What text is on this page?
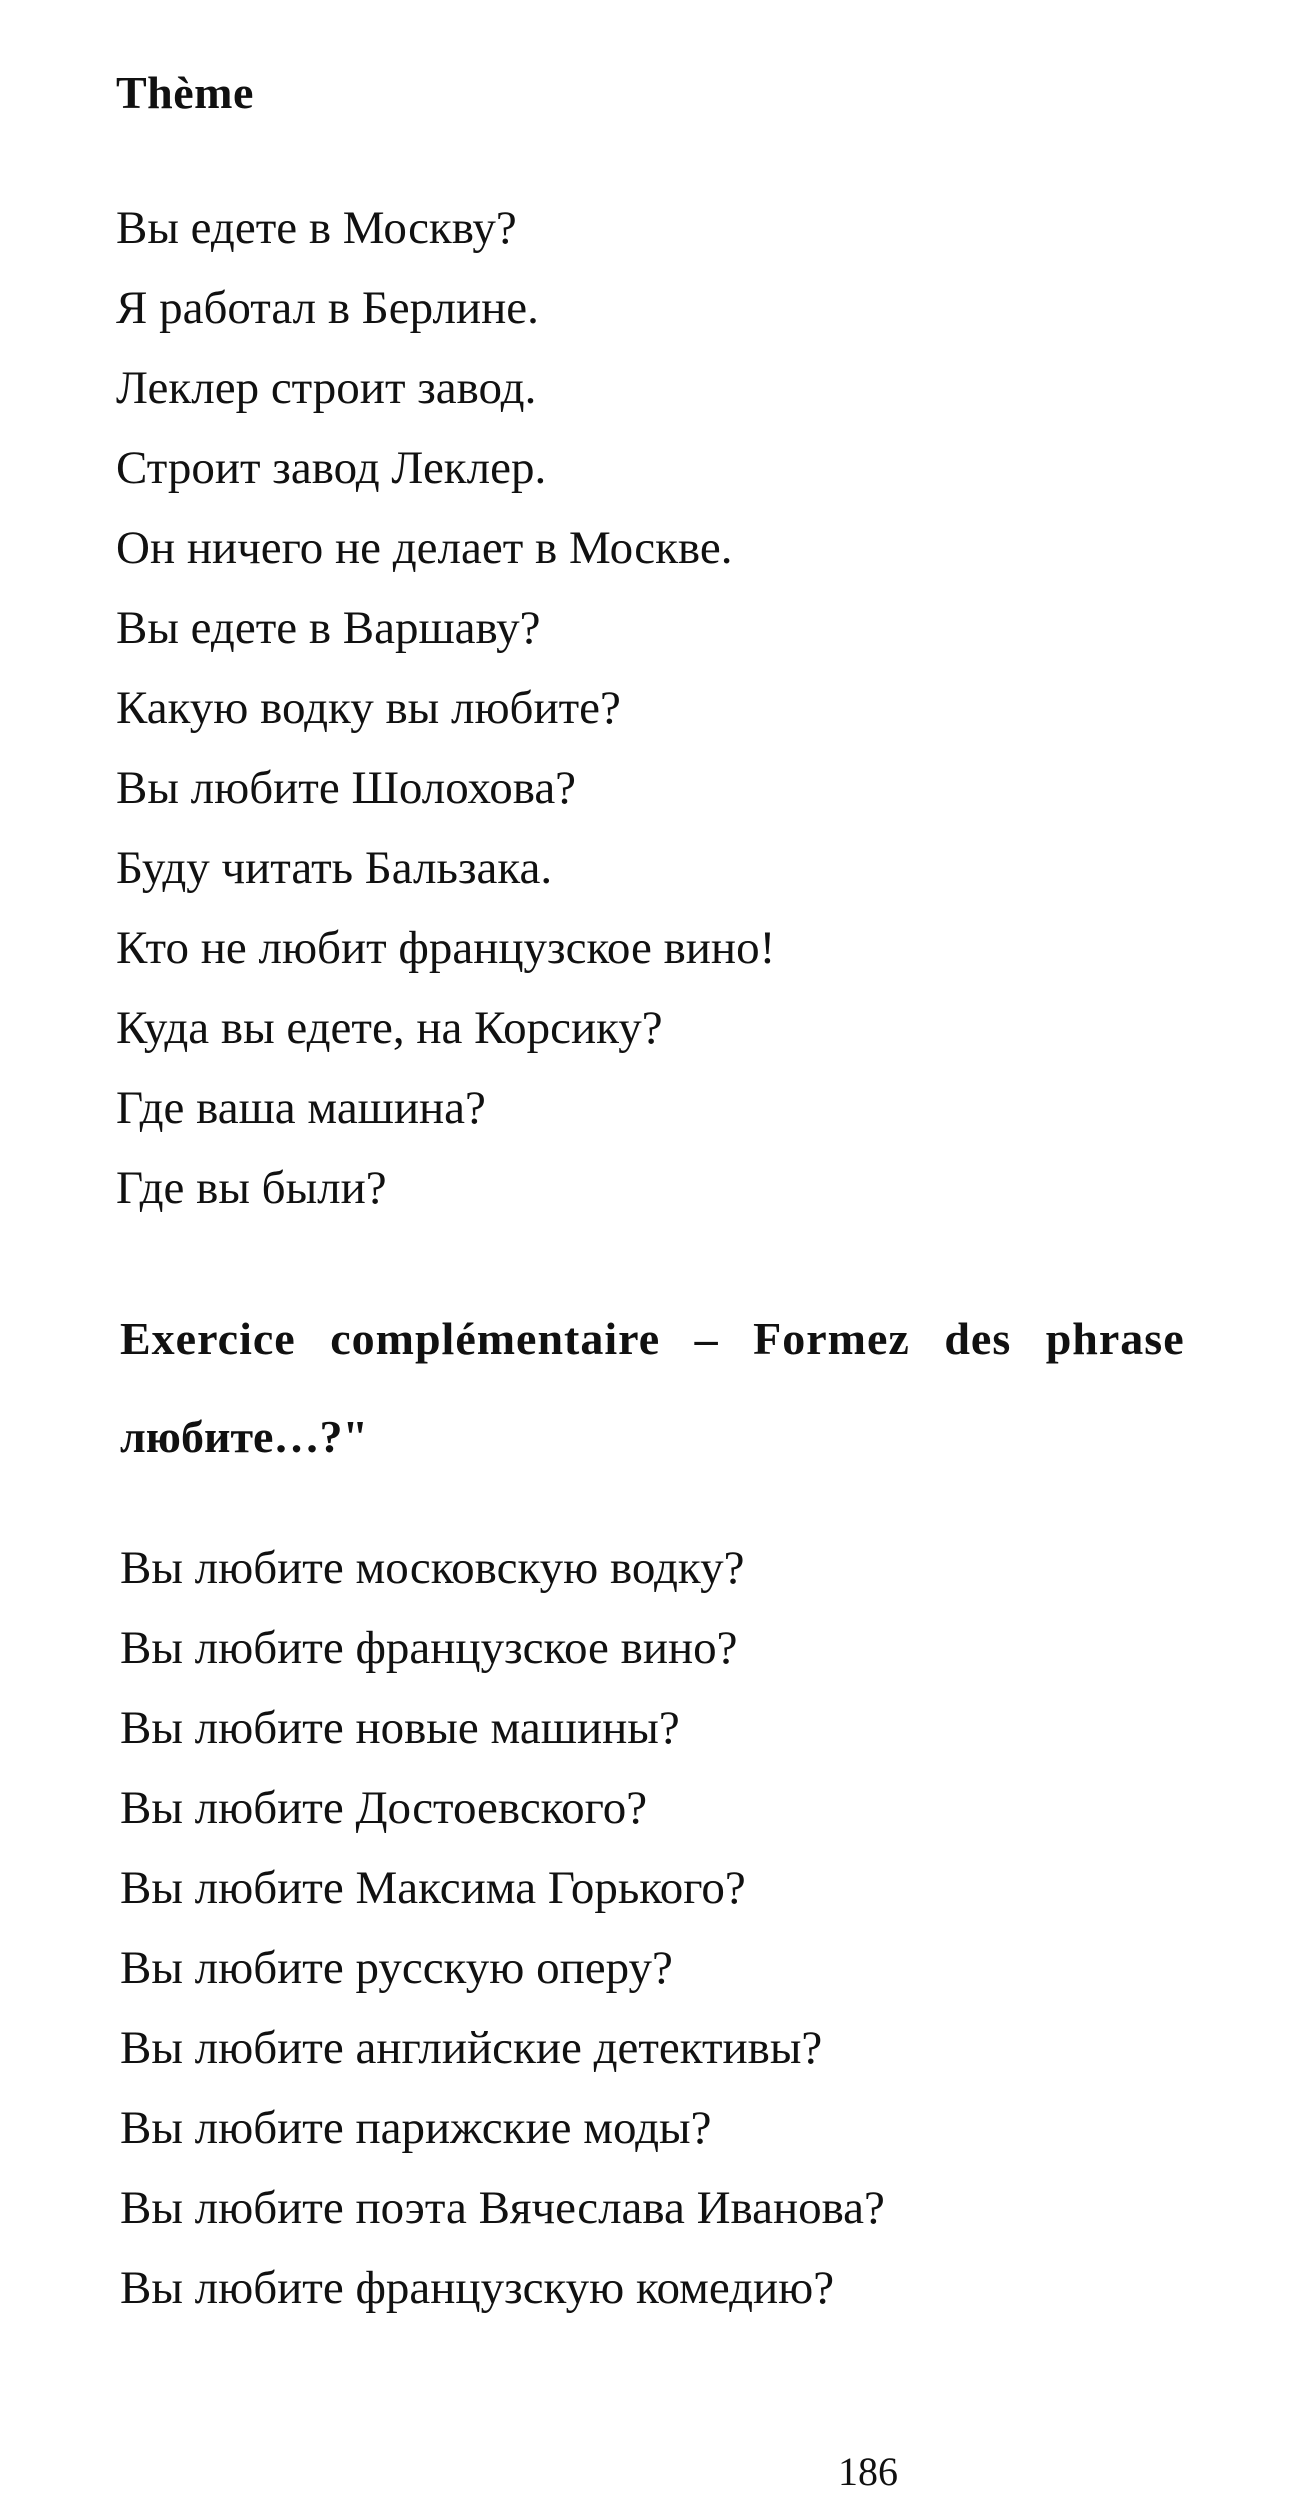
Thème
Вы едете в Москву?
Я работал в Берлине.
Леклер строит завод.
Строит завод Леклер.
Он ничего не делает в Москве.
Вы едете в Варшаву?
Какую водку вы любите?
Вы любите Шолохова?
Буду читать Бальзака.
Кто не любит французское вино!
Куда вы едете, на Корсику?
Где ваша машина?
Где вы были?
Exercice complémentaire – Formez des phrase
любите…?"
Вы любите московскую водку?
Вы любите французское вино?
Вы любите новые машины?
Вы любите Достоевского?
Вы любите Максима Горького?
Вы любите русскую оперу?
Вы любите английские детективы?
Вы любите парижские моды?
Вы любите поэта Вячеслава Иванова?
Вы любите французскую комедию?
186
